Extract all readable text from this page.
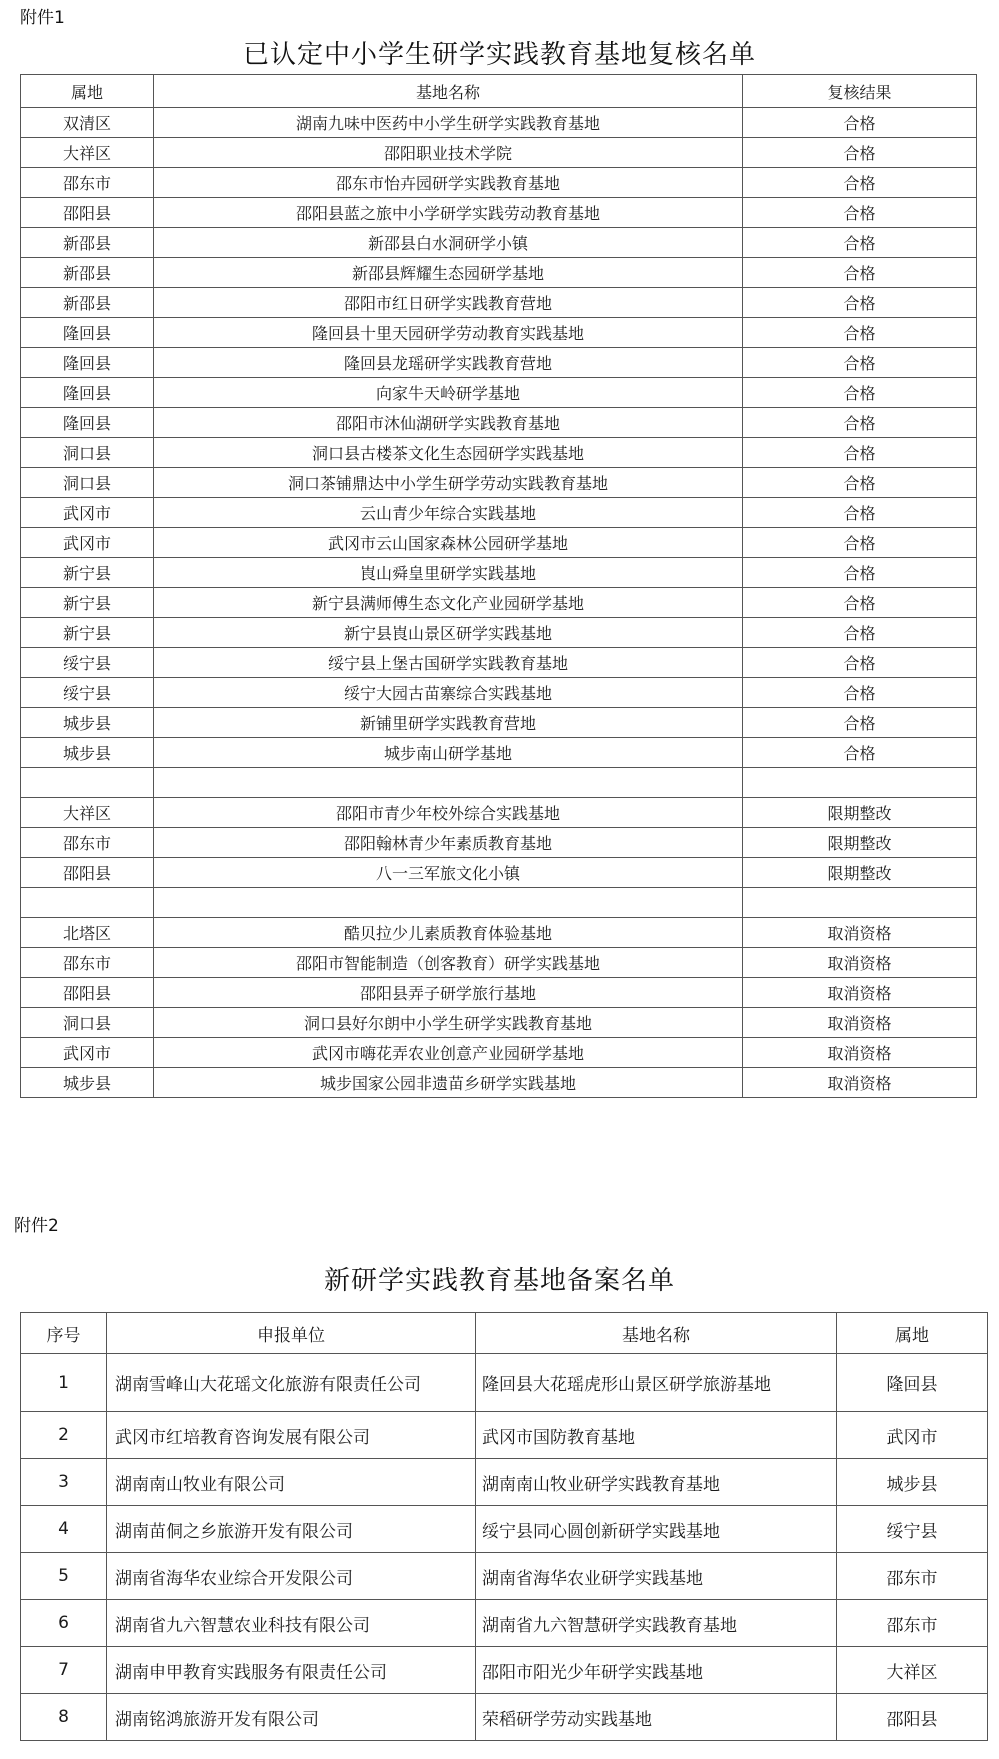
附件1
已认定中小学生研学实践教育基地复核名单
属地	基地名称	复核结果
双清区	湖南九味中医药中小学生研学实践教育基地	合格
大祥区	邵阳职业技术学院	合格
邵东市	邵东市怡卉园研学实践教育基地	合格
邵阳县	邵阳县蓝之旅中小学研学实践劳动教育基地	合格
新邵县	新邵县白水洞研学小镇	合格
新邵县	新邵县辉耀生态园研学基地	合格
新邵县	邵阳市红日研学实践教育营地	合格
隆回县	隆回县十里天园研学劳动教育实践基地	合格
隆回县	隆回县龙瑶研学实践教育营地	合格
隆回县	向家牛天岭研学基地	合格
隆回县	邵阳市沐仙湖研学实践教育基地	合格
洞口县	洞口县古楼茶文化生态园研学实践基地	合格
洞口县	洞口茶铺鼎达中小学生研学劳动实践教育基地	合格
武冈市	云山青少年综合实践基地	合格
武冈市	武冈市云山国家森林公园研学基地	合格
新宁县	崀山舜皇里研学实践基地	合格
新宁县	新宁县满师傅生态文化产业园研学基地	合格
新宁县	新宁县崀山景区研学实践基地	合格
绥宁县	绥宁县上堡古国研学实践教育基地	合格
绥宁县	绥宁大园古苗寨综合实践基地	合格
城步县	新铺里研学实践教育营地	合格
城步县	城步南山研学基地	合格

大祥区	邵阳市青少年校外综合实践基地	限期整改
邵东市	邵阳翰林青少年素质教育基地	限期整改
邵阳县	八一三军旅文化小镇	限期整改

北塔区	酷贝拉少儿素质教育体验基地	取消资格
邵东市	邵阳市智能制造（创客教育）研学实践基地	取消资格
邵阳县	邵阳县弄子研学旅行基地	取消资格
洞口县	洞口县好尔朗中小学生研学实践教育基地	取消资格
武冈市	武冈市嗨花弄农业创意产业园研学基地	取消资格
城步县	城步国家公园非遗苗乡研学实践基地	取消资格
附件2
新研学实践教育基地备案名单
序号	申报单位	基地名称	属地
1	湖南雪峰山大花瑶文化旅游有限责任公司	隆回县大花瑶虎形山景区研学旅游基地	隆回县
2	武冈市红培教育咨询发展有限公司	武冈市国防教育基地	武冈市
3	湖南南山牧业有限公司	湖南南山牧业研学实践教育基地	城步县
4	湖南苗侗之乡旅游开发有限公司	绥宁县同心圆创新研学实践基地	绥宁县
5	湖南省海华农业综合开发限公司	湖南省海华农业研学实践基地	邵东市
6	湖南省九六智慧农业科技有限公司	湖南省九六智慧研学实践教育基地	邵东市
7	湖南申甲教育实践服务有限责任公司	邵阳市阳光少年研学实践基地	大祥区
8	湖南铭鸿旅游开发有限公司	荣稻研学劳动实践基地	邵阳县
